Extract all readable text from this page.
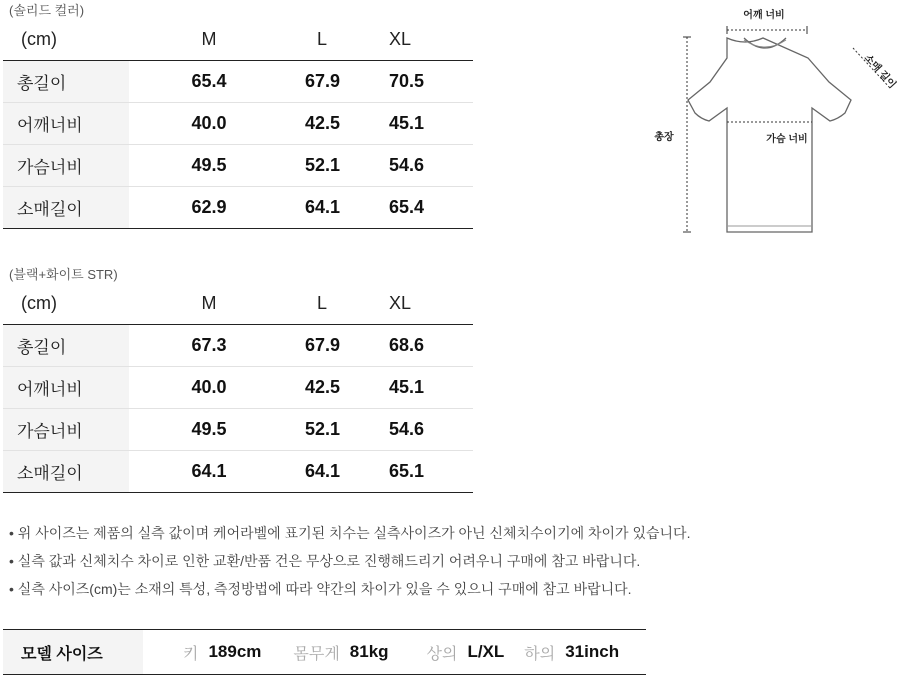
(솔리드 컬러)
(cm)	M	L	XL
총길이	65.4	67.9	70.5
어깨너비	40.0	42.5	45.1
가슴너비	49.5	52.1	54.6
소매길이	62.9	64.1	65.4
(블랙+화이트 STR)
(cm)	M	L	XL
총길이	67.3	67.9	68.6
어깨너비	40.0	42.5	45.1
가슴너비	49.5	52.1	54.6
소매길이	64.1	64.1	65.1
• 위 사이즈는 제품의 실측 값이며 케어라벨에 표기된 치수는 실측사이즈가 아닌 신체치수이기에 차이가 있습니다.
• 실측 값과 신체치수 차이로 인한 교환/반품 건은 무상으로 진행해드리기 어려우니 구매에 참고 바랍니다.
• 실측 사이즈(cm)는 소재의 특성, 측정방법에 따라 약간의 차이가 있을 수 있으니 구매에 참고 바랍니다.
모델 사이즈	키 189cm 몸무게 81kg 상의 L/XL 하의 31inch
어깨 너비
소매 길이
총장	가슴 너비
